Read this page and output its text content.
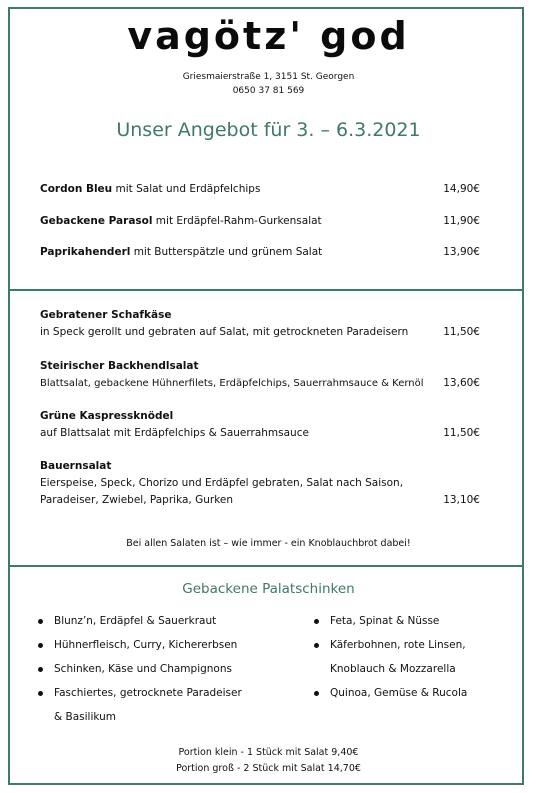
vagötz' god
Griesmaierstraße 1, 3151 St. Georgen
0650 37 81 569
Unser Angebot für 3. – 6.3.2021
Cordon Bleu mit Salat und Erdäpfelchips	14,90€
Gebackene Parasol mit Erdäpfel-Rahm-Gurkensalat	11,90€
Paprikahenderl mit Butterspätzle und grünem Salat	13,90€
Gebratener Schafkäse
in Speck gerollt und gebraten auf Salat, mit getrockneten Paradeisern	11,50€
Steirischer Backhendlsalat
Blattsalat, gebackene Hühnerfilets, Erdäpfelchips, Sauerrahmsauce & Kernöl	13,60€
Grüne Kaspressknödel
auf Blattsalat mit Erdäpfelchips & Sauerrahmsauce	11,50€
Bauernsalat
Eierspeise, Speck, Chorizo und Erdäpfel gebraten, Salat nach Saison,
Paradeiser, Zwiebel, Paprika, Gurken	13,10€
Bei allen Salaten ist – wie immer - ein Knoblauchbrot dabei!
Gebackene Palatschinken
Blunz’n, Erdäpfel & Sauerkraut
Hühnerfleisch, Curry, Kichererbsen
Schinken, Käse und Champignons
Faschiertes, getrocknete Paradeiser
& Basilikum
Feta, Spinat & Nüsse
Käferbohnen, rote Linsen,
Knoblauch & Mozzarella
Quinoa, Gemüse & Rucola
Portion klein - 1 Stück mit Salat 9,40€
Portion groß - 2 Stück mit Salat 14,70€
